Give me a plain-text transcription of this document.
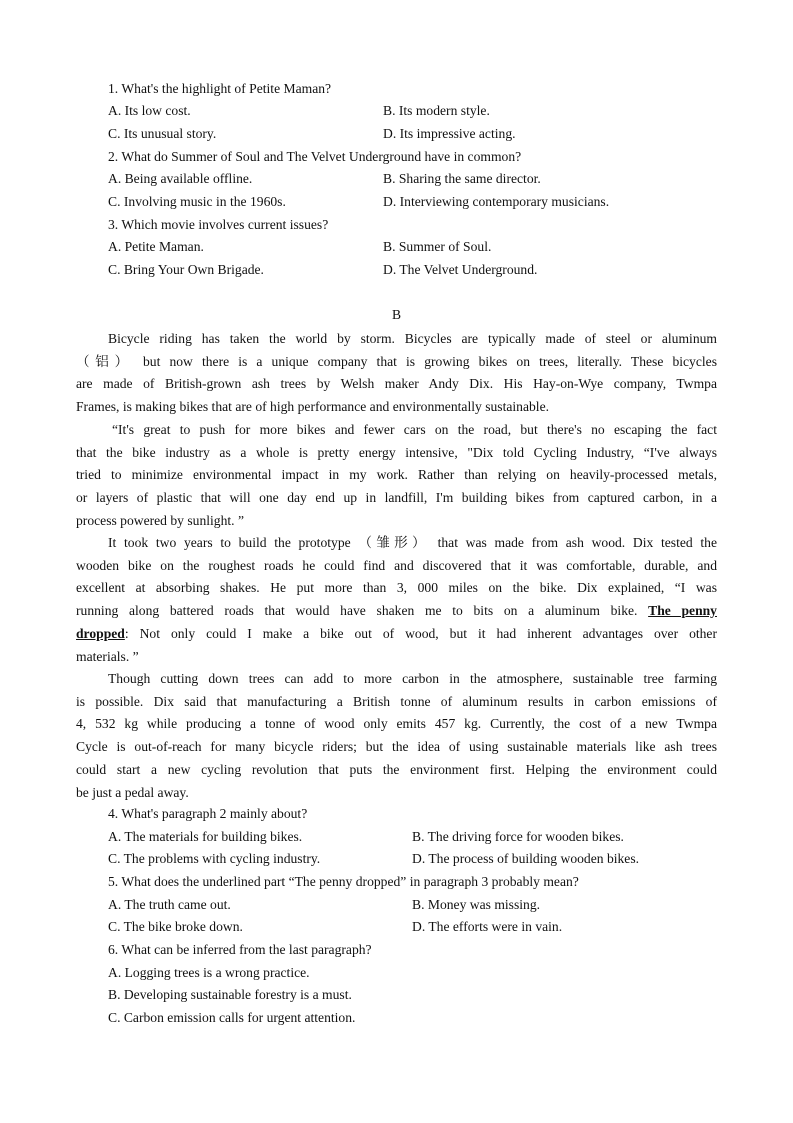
1. What's the highlight of Petite Maman?
A. Its low cost.	B. Its modern style.
C. Its unusual story.	D. Its impressive acting.
2. What do Summer of Soul and The Velvet Underground have in common?
A. Being available offline.	B. Sharing the same director.
C. Involving music in the 1960s.	D. Interviewing contemporary musicians.
3. Which movie involves current issues?
A. Petite Maman.	B. Summer of Soul.
C. Bring Your Own Brigade.	D. The Velvet Underground.
B
Bicycle riding has taken the world by storm. Bicycles are typically made of steel or aluminum
（铝） but now there is a unique company that is growing bikes on trees, literally. These bicycles
are made of British-grown ash trees by Welsh maker Andy Dix. His Hay-on-Wye company, Twmpa
Frames, is making bikes that are of high performance and environmentally sustainable.
“It's great to push for more bikes and fewer cars on the road, but there's no escaping the fact
that the bike industry as a whole is pretty energy intensive, "Dix told Cycling Industry, “I've always
tried to minimize environmental impact in my work. Rather than relying on heavily-processed metals,
or layers of plastic that will one day end up in landfill, I'm building bikes from captured carbon, in a
process powered by sunlight. ”
It took two years to build the prototype （雏形） that was made from ash wood. Dix tested the
wooden bike on the roughest roads he could find and discovered that it was comfortable, durable, and
excellent at absorbing shakes. He put more than 3, 000 miles on the bike. Dix explained, “I was
running along battered roads that would have shaken me to bits on a aluminum bike. The penny
dropped: Not only could I make a bike out of wood, but it had inherent advantages over other
materials. ”
Though cutting down trees can add to more carbon in the atmosphere, sustainable tree farming
is possible. Dix said that manufacturing a British tonne of aluminum results in carbon emissions of
4, 532 kg while producing a tonne of wood only emits 457 kg. Currently, the cost of a new Twmpa
Cycle is out-of-reach for many bicycle riders; but the idea of using sustainable materials like ash trees
could start a new cycling revolution that puts the environment first. Helping the environment could
be just a pedal away.
4. What's paragraph 2 mainly about?
A. The materials for building bikes.	B. The driving force for wooden bikes.
C. The problems with cycling industry.	D. The process of building wooden bikes.
5. What does the underlined part “The penny dropped” in paragraph 3 probably mean?
A. The truth came out.	B. Money was missing.
C. The bike broke down.	D. The efforts were in vain.
6. What can be inferred from the last paragraph?
A. Logging trees is a wrong practice.
B. Developing sustainable forestry is a must.
C. Carbon emission calls for urgent attention.
